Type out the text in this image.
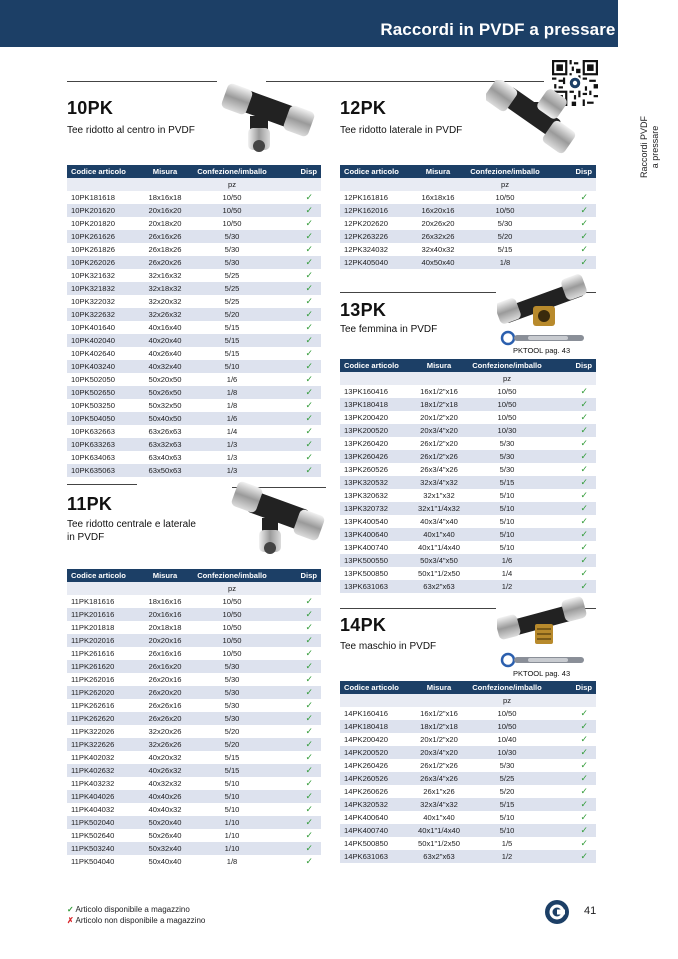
Raccordi in PVDF a pressare _ A2
Raccordi PVDF a pressare
10PK
Tee ridotto al centro in PVDF
Codice articolo	Misura	Confezione/imballo	Disp
		pz	
10PK181618	18x16x18	10/50	✓
10PK201620	20x16x20	10/50	✓
10PK201820	20x18x20	10/50	✓
10PK261626	26x16x26	5/30	✓
10PK261826	26x18x26	5/30	✓
10PK262026	26x20x26	5/30	✓
10PK321632	32x16x32	5/25	✓
10PK321832	32x18x32	5/25	✓
10PK322032	32x20x32	5/25	✓
10PK322632	32x26x32	5/20	✓
10PK401640	40x16x40	5/15	✓
10PK402040	40x20x40	5/15	✓
10PK402640	40x26x40	5/15	✓
10PK403240	40x32x40	5/10	✓
10PK502050	50x20x50	1/6	✓
10PK502650	50x26x50	1/8	✓
10PK503250	50x32x50	1/8	✓
10PK504050	50x40x50	1/6	✓
10PK632663	63x26x63	1/4	✓
10PK633263	63x32x63	1/3	✓
10PK634063	63x40x63	1/3	✓
10PK635063	63x50x63	1/3	✓
11PK
Tee ridotto centrale e laterale
in PVDF
Codice articolo	Misura	Confezione/imballo	Disp
		pz	
11PK181616	18x16x16	10/50	✓
11PK201616	20x16x16	10/50	✓
11PK201818	20x18x18	10/50	✓
11PK202016	20x20x16	10/50	✓
11PK261616	26x16x16	10/50	✓
11PK261620	26x16x20	5/30	✓
11PK262016	26x20x16	5/30	✓
11PK262020	26x20x20	5/30	✓
11PK262616	26x26x16	5/30	✓
11PK262620	26x26x20	5/30	✓
11PK322026	32x20x26	5/20	✓
11PK322626	32x26x26	5/20	✓
11PK402032	40x20x32	5/15	✓
11PK402632	40x26x32	5/15	✓
11PK403232	40x32x32	5/10	✓
11PK404026	40x40x26	5/10	✓
11PK404032	40x40x32	5/10	✓
11PK502040	50x20x40	1/10	✓
11PK502640	50x26x40	1/10	✓
11PK503240	50x32x40	1/10	✓
11PK504040	50x40x40	1/8	✓
12PK
Tee ridotto laterale in PVDF
Codice articolo	Misura	Confezione/imballo	Disp
		pz	
12PK161816	16x18x16	10/50	✓
12PK162016	16x20x16	10/50	✓
12PK202620	20x26x20	5/30	✓
12PK263226	26x32x26	5/20	✓
12PK324032	32x40x32	5/15	✓
12PK405040	40x50x40	1/8	✓
13PK
Tee femmina in PVDF
PKTOOL pag. 43
Codice articolo	Misura	Confezione/imballo	Disp
		pz	
13PK160416	16x1/2"x16	10/50	✓
13PK180418	18x1/2"x18	10/50	✓
13PK200420	20x1/2"x20	10/50	✓
13PK200520	20x3/4"x20	10/30	✓
13PK260420	26x1/2"x20	5/30	✓
13PK260426	26x1/2"x26	5/30	✓
13PK260526	26x3/4"x26	5/30	✓
13PK320532	32x3/4"x32	5/15	✓
13PK320632	32x1"x32	5/10	✓
13PK320732	32x1"1/4x32	5/10	✓
13PK400540	40x3/4"x40	5/10	✓
13PK400640	40x1"x40	5/10	✓
13PK400740	40x1"1/4x40	5/10	✓
13PK500550	50x3/4"x50	1/6	✓
13PK500850	50x1"1/2x50	1/4	✓
13PK631063	63x2"x63	1/2	✓
14PK
Tee maschio in PVDF
PKTOOL pag. 43
Codice articolo	Misura	Confezione/imballo	Disp
		pz	
14PK160416	16x1/2"x16	10/50	✓
14PK180418	18x1/2"x18	10/50	✓
14PK200420	20x1/2"x20	10/40	✓
14PK200520	20x3/4"x20	10/30	✓
14PK260426	26x1/2"x26	5/30	✓
14PK260526	26x3/4"x26	5/25	✓
14PK260626	26x1"x26	5/20	✓
14PK320532	32x3/4"x32	5/15	✓
14PK400640	40x1"x40	5/10	✓
14PK400740	40x1"1/4x40	5/10	✓
14PK500850	50x1"1/2x50	1/5	✓
14PK631063	63x2"x63	1/2	✓
✓ Articolo disponibile a magazzino
✗ Articolo non disponibile a magazzino
41
